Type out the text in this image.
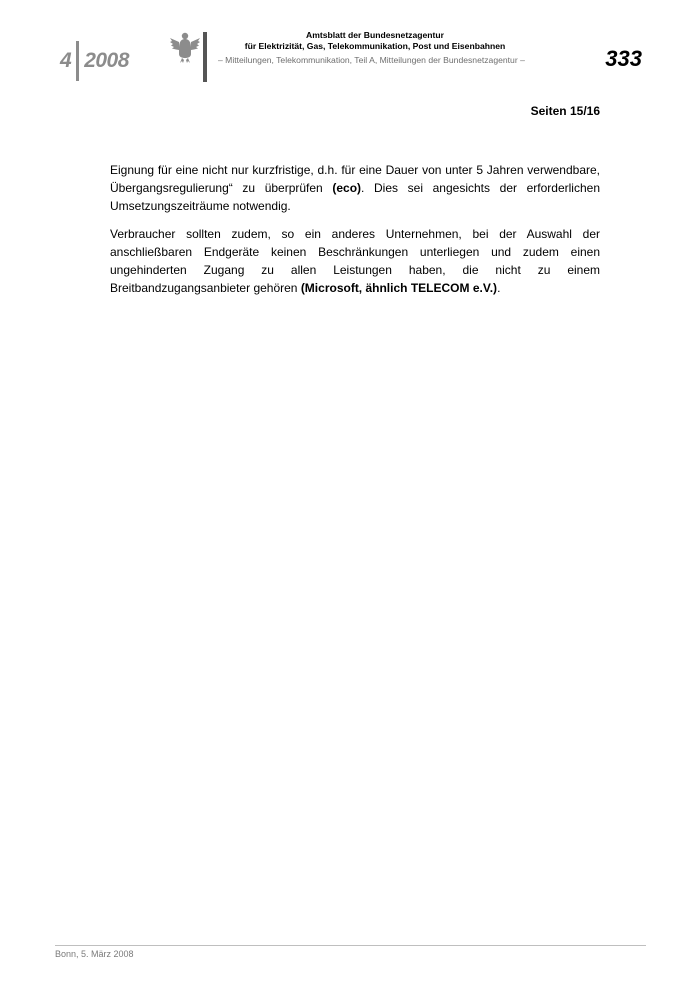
4 2008
Amtsblatt der Bundesnetzagentur
für Elektrizität, Gas, Telekommunikation, Post und Eisenbahnen
– Mitteilungen, Telekommunikation, Teil A, Mitteilungen der Bundesnetzagentur –	333
Seiten 15/16

Eignung für eine nicht nur kurzfristige, d.h. für eine Dauer von unter 5 Jahren verwendbare, Übergangsregulierung“ zu überprüfen (eco). Dies sei angesichts der erforderlichen Umsetzungszeiträume notwendig.

Verbraucher sollten zudem, so ein anderes Unternehmen, bei der Auswahl der anschließbaren Endgeräte keinen Beschränkungen unterliegen und zudem einen ungehinderten Zugang zu allen Leistungen haben, die nicht zu einem Breitbandzugangsanbieter gehören (Microsoft, ähnlich TELECOM e.V.).

Bonn, 5. März 2008
